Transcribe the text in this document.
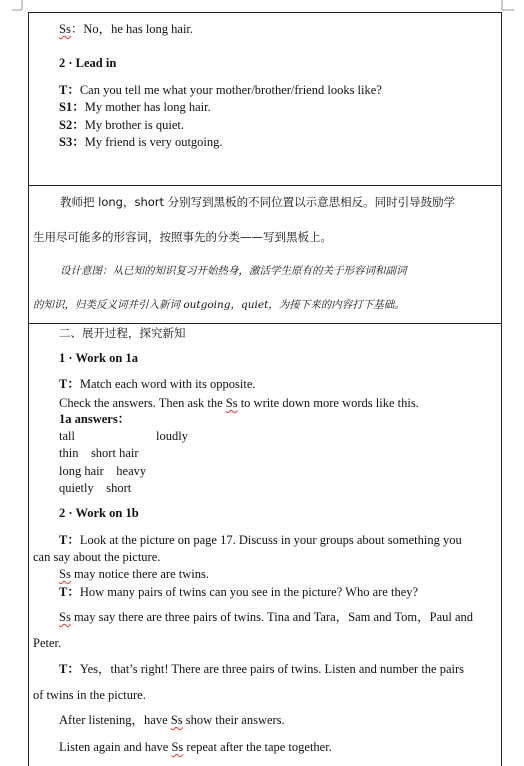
Ss：No，he has long hair.
2 · Lead in
T：Can you tell me what your mother/brother/friend looks like?
S1：My mother has long hair.
S2：My brother is quiet.
S3：My friend is very outgoing.
教师把 long，short 分别写到黑板的不同位置以示意思相反。同时引导鼓励学
生用尽可能多的形容词，按照事先的分类——写到黑板上。
设计意图：从已知的知识复习开始热身，激活学生原有的关于形容词和副词
的知识，归类反义词并引入新词 outgoing，quiet，为接下来的内容打下基础。
二、展开过程，探究新知
1 · Work on 1a
T：Match each word with its opposite.
Check the answers. Then ask the Ss to write down more words like this.
1a answers：
tall	loudly
thin    short hair
long hair    heavy
quietly    short
2 · Work on 1b
T：Look at the picture on page 17. Discuss in your groups about something you
can say about the picture.
Ss may notice there are twins.
T：How many pairs of twins can you see in the picture? Who are they?
Ss may say there are three pairs of twins. Tina and Tara，Sam and Tom，Paul and
Peter.
T：Yes，that’s right! There are three pairs of twins. Listen and number the pairs
of twins in the picture.
After listening，have Ss show their answers.
Listen again and have Ss repeat after the tape together.
